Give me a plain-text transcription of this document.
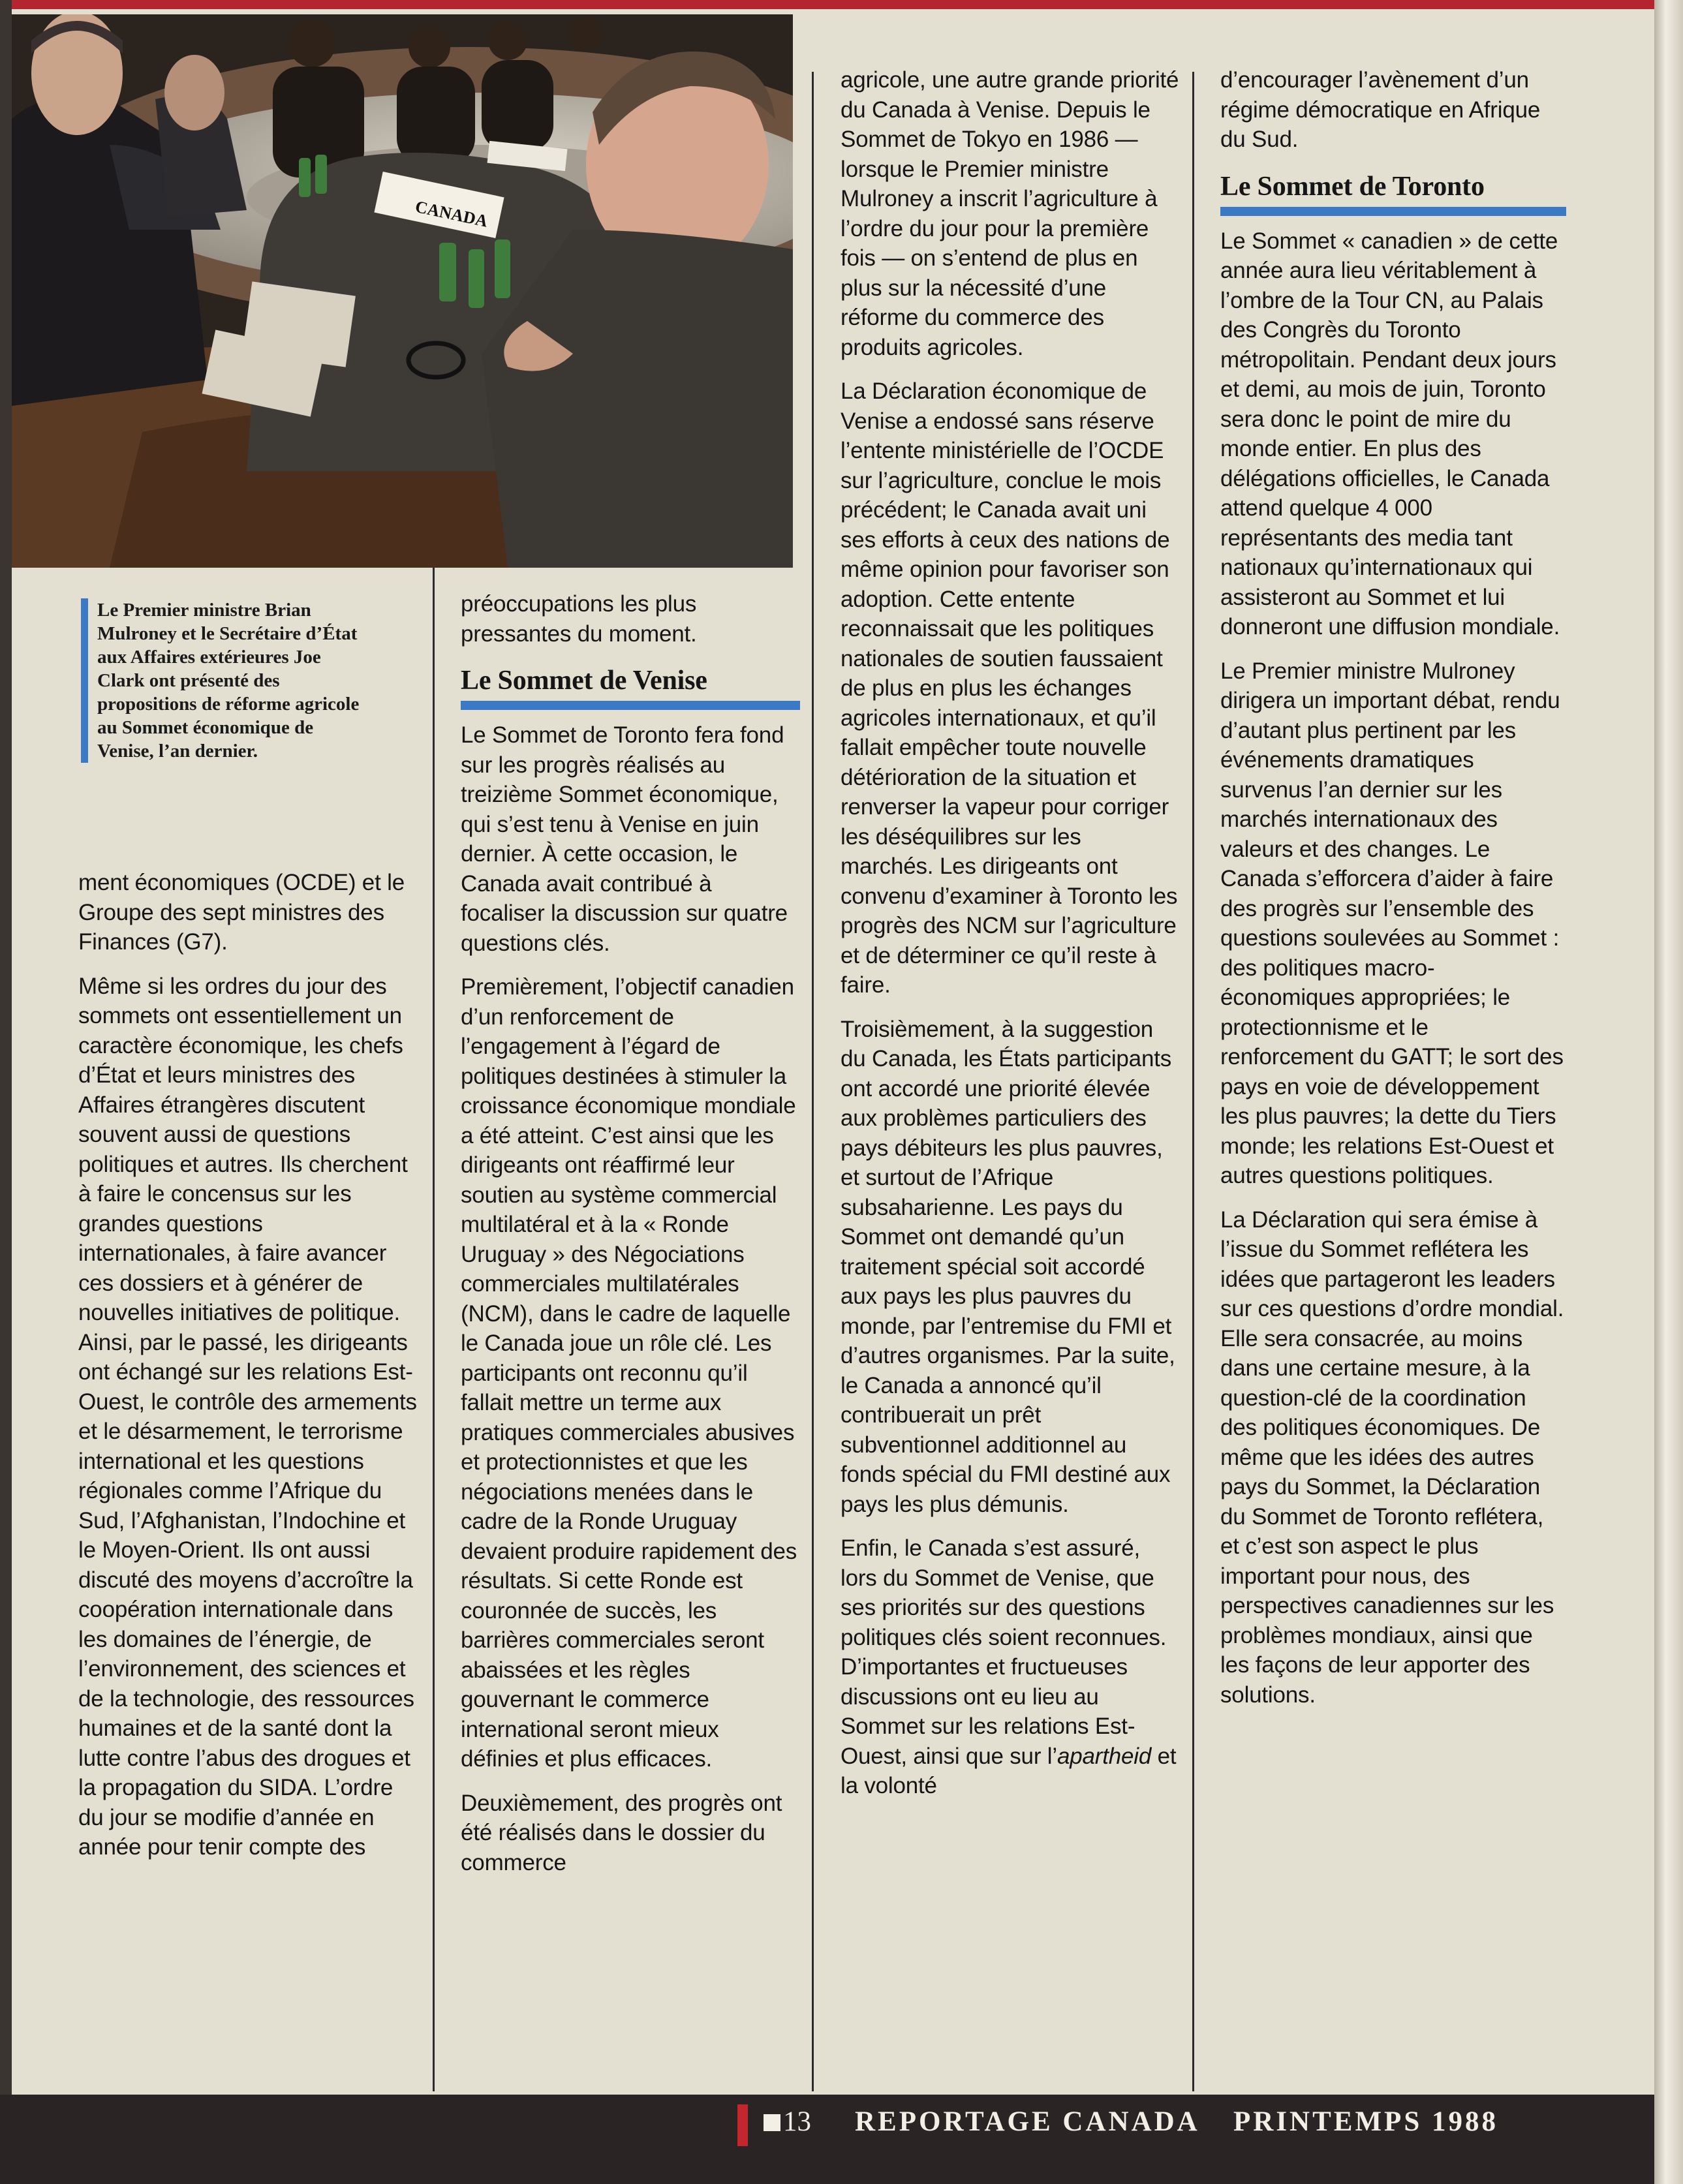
CANADA
Le Premier ministre Brian Mulroney et le Secrétaire d’État aux Affaires extérieures Joe Clark ont présenté des propositions de réforme agricole au Sommet économique de Venise, l’an dernier.

ment économiques (OCDE) et le Groupe des sept ministres des Finances (G7).

Même si les ordres du jour des sommets ont essentiellement un caractère économique, les chefs d’État et leurs ministres des Affaires étrangères discutent souvent aussi de questions politiques et autres. Ils cherchent à faire le concensus sur les grandes questions internationales, à faire avancer ces dossiers et à générer de nouvelles initiatives de politique. Ainsi, par le passé, les dirigeants ont échangé sur les relations Est-Ouest, le contrôle des armements et le désarmement, le terrorisme international et les questions régionales comme l’Afrique du Sud, l’Afghanistan, l’Indochine et le Moyen-Orient. Ils ont aussi discuté des moyens d’accroître la coopération internationale dans les domaines de l’énergie, de l’environnement, des sciences et de la technologie, des ressources humaines et de la santé dont la lutte contre l’abus des drogues et la propagation du SIDA. L’ordre du jour se modifie d’année en année pour tenir compte des

préoccupations les plus pressantes du moment.

Le Sommet de Venise

Le Sommet de Toronto fera fond sur les progrès réalisés au treizième Sommet économique, qui s’est tenu à Venise en juin dernier. À cette occasion, le Canada avait contribué à focaliser la discussion sur quatre questions clés.

Premièrement, l’objectif canadien d’un renforcement de l’engagement à l’égard de politiques destinées à stimuler la croissance économique mondiale a été atteint. C’est ainsi que les dirigeants ont réaffirmé leur soutien au système commercial multilatéral et à la « Ronde Uruguay » des Négociations commerciales multilatérales (NCM), dans le cadre de laquelle le Canada joue un rôle clé. Les participants ont reconnu qu’il fallait mettre un terme aux pratiques commerciales abusives et protectionnistes et que les négociations menées dans le cadre de la Ronde Uruguay devaient produire rapidement des résultats. Si cette Ronde est couronnée de succès, les barrières commerciales seront abaissées et les règles gouvernant le commerce international seront mieux définies et plus efficaces.

Deuxièmement, des progrès ont été réalisés dans le dossier du commerce

agricole, une autre grande priorité du Canada à Venise. Depuis le Sommet de Tokyo en 1986 — lorsque le Premier ministre Mulroney a inscrit l’agriculture à l’ordre du jour pour la première fois — on s’entend de plus en plus sur la nécessité d’une réforme du commerce des produits agricoles.

La Déclaration économique de Venise a endossé sans réserve l’entente ministérielle de l’OCDE sur l’agriculture, conclue le mois précédent; le Canada avait uni ses efforts à ceux des nations de même opinion pour favoriser son adoption. Cette entente reconnaissait que les politiques nationales de soutien faussaient de plus en plus les échanges agricoles internationaux, et qu’il fallait empêcher toute nouvelle détérioration de la situation et renverser la vapeur pour corriger les déséquilibres sur les marchés. Les dirigeants ont convenu d’examiner à Toronto les progrès des NCM sur l’agriculture et de déterminer ce qu’il reste à faire.

Troisièmement, à la suggestion du Canada, les États participants ont accordé une priorité élevée aux problèmes particuliers des pays débiteurs les plus pauvres, et surtout de l’Afrique subsaharienne. Les pays du Sommet ont demandé qu’un traitement spécial soit accordé aux pays les plus pauvres du monde, par l’entremise du FMI et d’autres organismes. Par la suite, le Canada a annoncé qu’il contribuerait un prêt subventionnel additionnel au fonds spécial du FMI destiné aux pays les plus démunis.

Enfin, le Canada s’est assuré, lors du Sommet de Venise, que ses priorités sur des questions politiques clés soient reconnues. D’importantes et fructueuses discussions ont eu lieu au Sommet sur les relations Est-Ouest, ainsi que sur l’apartheid et la volonté

d’encourager l’avènement d’un régime démocratique en Afrique du Sud.

Le Sommet de Toronto

Le Sommet « canadien » de cette année aura lieu véritablement à l’ombre de la Tour CN, au Palais des Congrès du Toronto métropolitain. Pendant deux jours et demi, au mois de juin, Toronto sera donc le point de mire du monde entier. En plus des délégations officielles, le Canada attend quelque 4 000 représentants des media tant nationaux qu’internationaux qui assisteront au Sommet et lui donneront une diffusion mondiale.

Le Premier ministre Mulroney dirigera un important débat, rendu d’autant plus pertinent par les événements dramatiques survenus l’an dernier sur les marchés internationaux des valeurs et des changes. Le Canada s’efforcera d’aider à faire des progrès sur l’ensemble des questions soulevées au Sommet : des politiques macro-économiques appropriées; le protectionnisme et le renforcement du GATT; le sort des pays en voie de développement les plus pauvres; la dette du Tiers monde; les relations Est-Ouest et autres questions politiques.

La Déclaration qui sera émise à l’issue du Sommet reflétera les idées que partageront les leaders sur ces questions d’ordre mondial. Elle sera consacrée, au moins dans une certaine mesure, à la question-clé de la coordination des politiques économiques. De même que les idées des autres pays du Sommet, la Déclaration du Sommet de Toronto reflétera, et c’est son aspect le plus important pour nous, des perspectives canadiennes sur les problèmes mondiaux, ainsi que les façons de leur apporter des solutions.

13 REPORTAGE CANADA PRINTEMPS 1988
